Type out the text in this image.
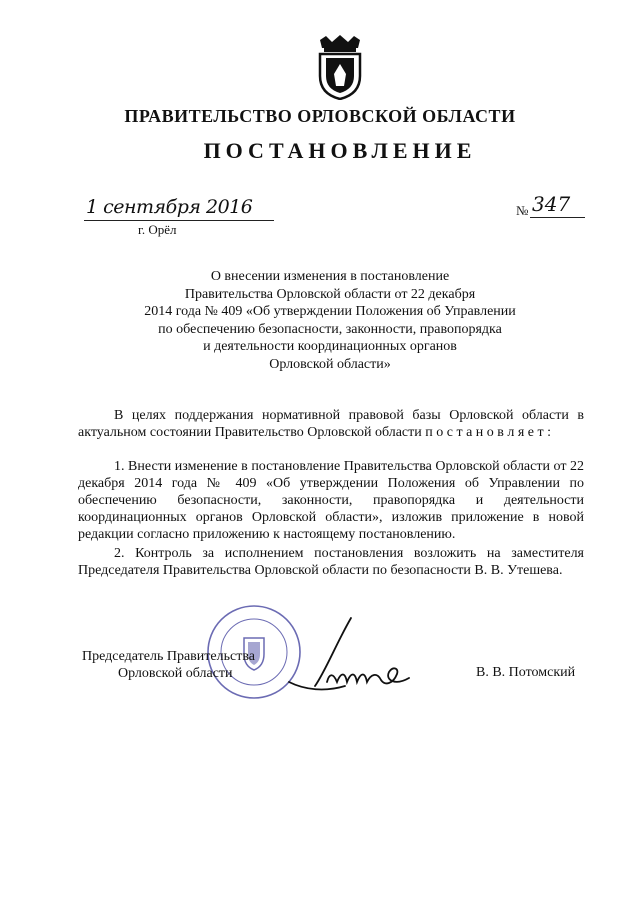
ПРАВИТЕЛЬСТВО ОРЛОВСКОЙ ОБЛАСТИ
ПОСТАНОВЛЕНИЕ
1 сентября 2016
г. Орёл
№ 347
О внесении изменения в постановление
Правительства Орловской области от 22 декабря
2014 года № 409 «Об утверждении Положения об Управлении
по обеспечению безопасности, законности, правопорядка
и деятельности координационных органов
Орловской области»
В целях поддержания нормативной правовой базы Орловской области в актуальном состоянии Правительство Орловской области п о с т а н о в л я е т :
1. Внести изменение в постановление Правительства Орловской области от 22 декабря 2014 года № 409 «Об утверждении Положения об Управлении по обеспечению безопасности, законности, правопорядка и деятельности координационных органов Орловской области», изложив приложение в новой редакции согласно приложению к настоящему постановлению.
2. Контроль за исполнением постановления возложить на заместителя Председателя Правительства Орловской области по безопасности В. В. Утешева.
Председатель Правительства
Орловской области	В. В. Потомский
